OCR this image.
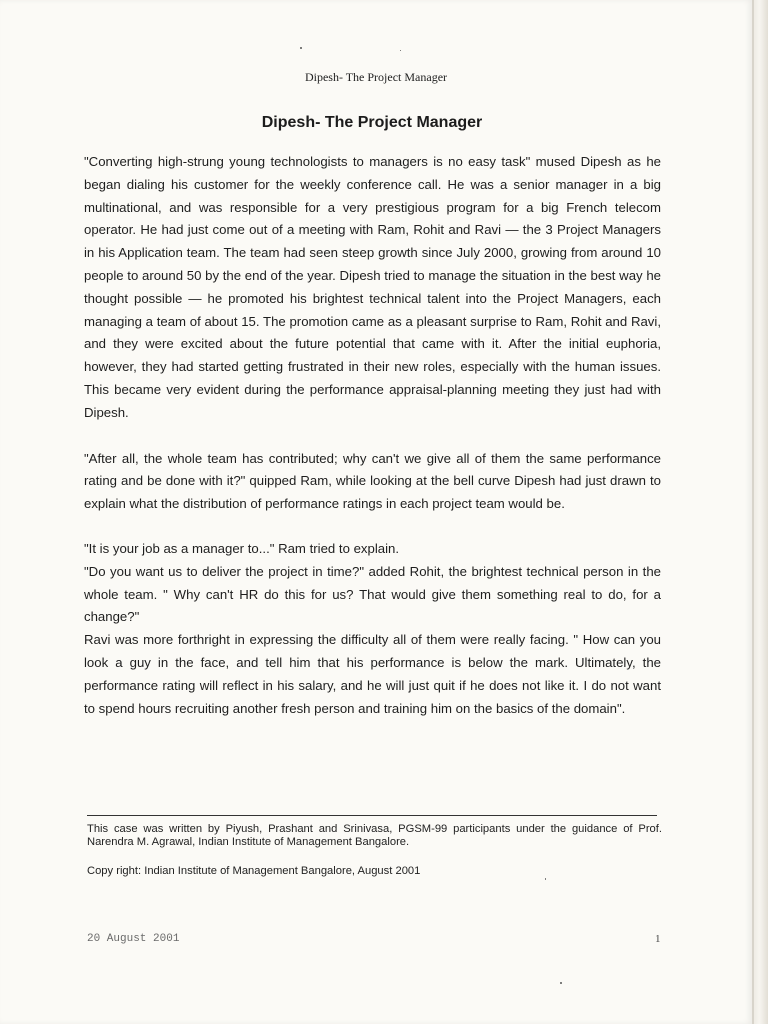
Dipesh- The Project Manager
Dipesh- The Project Manager

"Converting high-strung young technologists to managers is no easy task" mused Dipesh as he began dialing his customer for the weekly conference call. He was a senior manager in a big multinational, and was responsible for a very prestigious program for a big French telecom operator. He had just come out of a meeting with Ram, Rohit and Ravi — the 3 Project Managers in his Application team. The team had seen steep growth since July 2000, growing from around 10 people to around 50 by the end of the year. Dipesh tried to manage the situation in the best way he thought possible — he promoted his brightest technical talent into the Project Managers, each managing a team of about 15. The promotion came as a pleasant surprise to Ram, Rohit and Ravi, and they were excited about the future potential that came with it. After the initial euphoria, however, they had started getting frustrated in their new roles, especially with the human issues. This became very evident during the performance appraisal-planning meeting they just had with Dipesh.

"After all, the whole team has contributed; why can't we give all of them the same performance rating and be done with it?" quipped Ram, while looking at the bell curve Dipesh had just drawn to explain what the distribution of performance ratings in each project team would be.

"It is your job as a manager to..." Ram tried to explain.

"Do you want us to deliver the project in time?" added Rohit, the brightest technical person in the whole team. " Why can't HR do this for us? That would give them something real to do, for a change?"

Ravi was more forthright in expressing the difficulty all of them were really facing. " How can you look a guy in the face, and tell him that his performance is below the mark. Ultimately, the performance rating will reflect in his salary, and he will just quit if he does not like it. I do not want to spend hours recruiting another fresh person and training him on the basics of the domain".

This case was written by Piyush, Prashant and Srinivasa, PGSM-99 participants under the guidance of Prof. Narendra M. Agrawal, Indian Institute of Management Bangalore.
Copy right: Indian Institute of Management Bangalore, August 2001
20 August 2001	1
